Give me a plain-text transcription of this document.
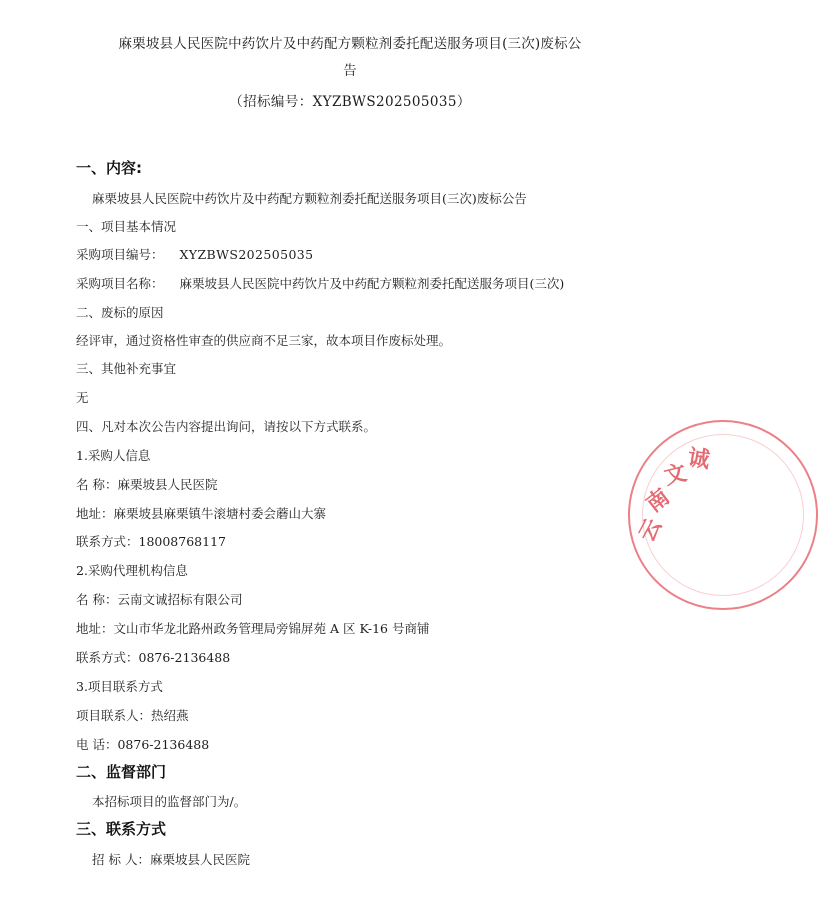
麻栗坡县人民医院中药饮片及中药配方颗粒剂委托配送服务项目(三次)废标公
告
（招标编号：XYZBWS202505035）
一、内容:
麻栗坡县人民医院中药饮片及中药配方颗粒剂委托配送服务项目(三次)废标公告
一、项目基本情况
采购项目编号： XYZBWS202505035
采购项目名称： 麻栗坡县人民医院中药饮片及中药配方颗粒剂委托配送服务项目(三次)
二、废标的原因
经评审，通过资格性审查的供应商不足三家，故本项目作废标处理。
三、其他补充事宜
无
四、凡对本次公告内容提出询问，请按以下方式联系。
1.采购人信息
名 称：麻栗坡县人民医院
地址：麻栗坡县麻栗镇牛滚塘村委会蘑山大寨
联系方式：18008768117
2.采购代理机构信息
名 称：云南文诚招标有限公司
地址：文山市华龙北路州政务管理局旁锦屏苑 A 区 K-16 号商铺
联系方式：0876-2136488
3.项目联系方式
项目联系人：热绍燕
电 话：0876-2136488
二、监督部门
本招标项目的监督部门为/。
三、联系方式
招 标 人：麻栗坡县人民医院
云
南
文
诚
